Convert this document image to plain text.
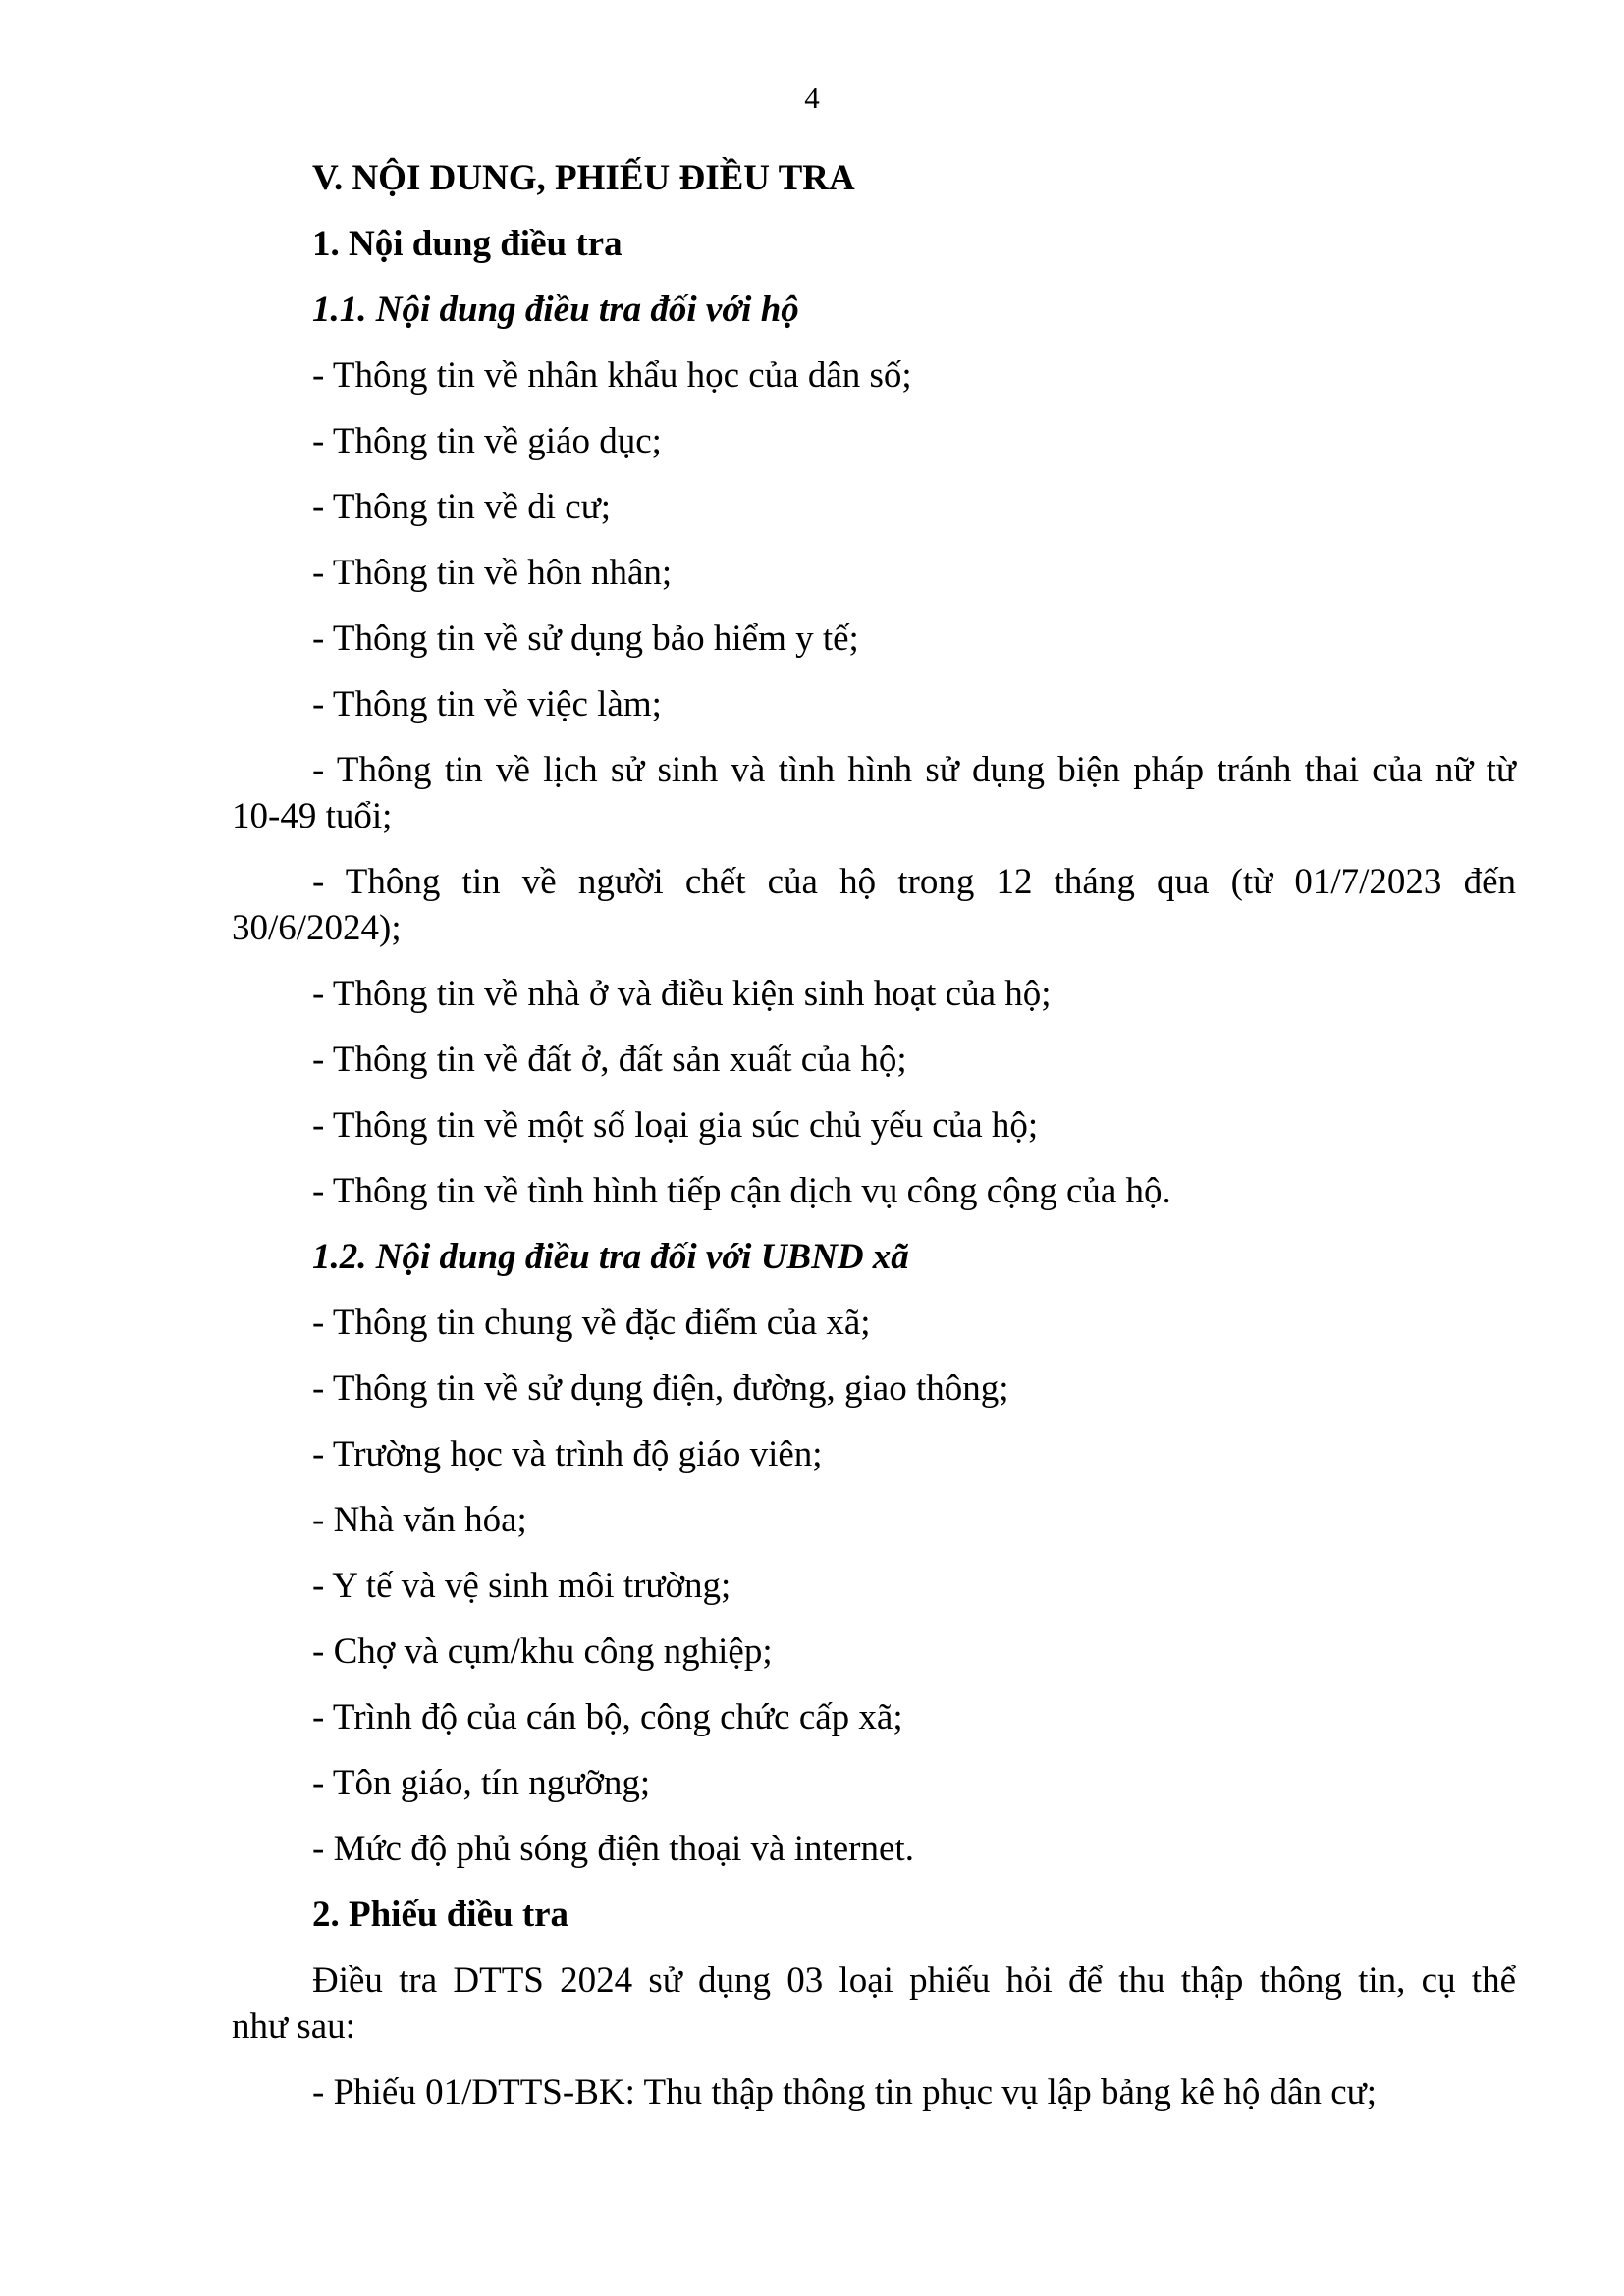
4
V. NỘI DUNG, PHIẾU ĐIỀU TRA
1. Nội dung điều tra
1.1. Nội dung điều tra đối với hộ
- Thông tin về nhân khẩu học của dân số;
- Thông tin về giáo dục;
- Thông tin về di cư;
- Thông tin về hôn nhân;
- Thông tin về sử dụng bảo hiểm y tế;
- Thông tin về việc làm;
- Thông tin về lịch sử sinh và tình hình sử dụng biện pháp tránh thai của nữ từ
10-49 tuổi;
- Thông tin về người chết của hộ trong 12 tháng qua (từ 01/7/2023 đến
30/6/2024);
- Thông tin về nhà ở và điều kiện sinh hoạt của hộ;
- Thông tin về đất ở, đất sản xuất của hộ;
- Thông tin về một số loại gia súc chủ yếu của hộ;
- Thông tin về tình hình tiếp cận dịch vụ công cộng của hộ.
1.2. Nội dung điều tra đối với UBND xã
- Thông tin chung về đặc điểm của xã;
- Thông tin về sử dụng điện, đường, giao thông;
- Trường học và trình độ giáo viên;
- Nhà văn hóa;
- Y tế và vệ sinh môi trường;
- Chợ và cụm/khu công nghiệp;
- Trình độ của cán bộ, công chức cấp xã;
- Tôn giáo, tín ngưỡng;
- Mức độ phủ sóng điện thoại và internet.
2. Phiếu điều tra
Điều tra DTTS 2024 sử dụng 03 loại phiếu hỏi để thu thập thông tin, cụ thể
như sau:
- Phiếu 01/DTTS-BK: Thu thập thông tin phục vụ lập bảng kê hộ dân cư;
